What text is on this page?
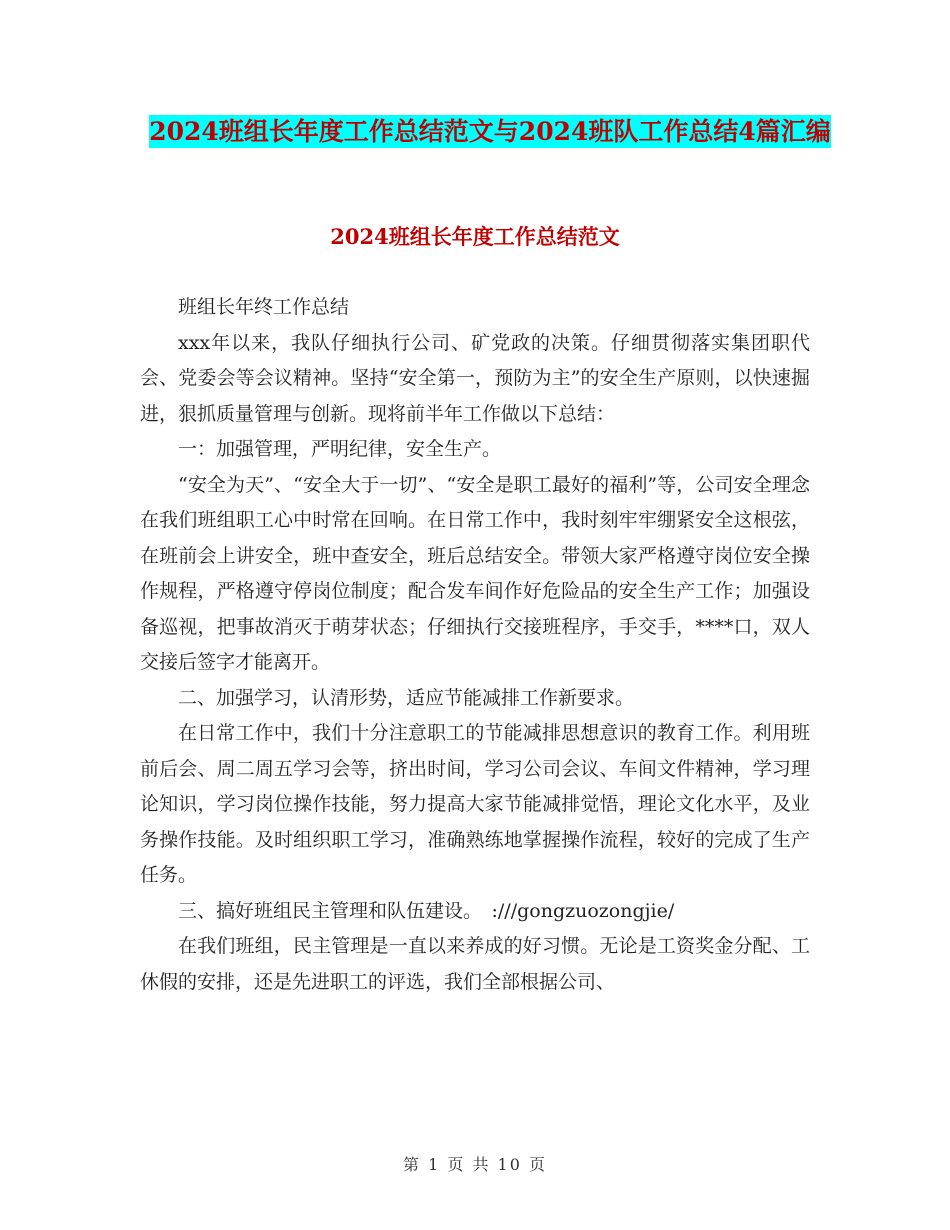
2024班组长年度工作总结范文与2024班队工作总结4篇汇编
2024班组长年度工作总结范文

班组长年终工作总结

xxx年以来，我队仔细执行公司、矿党政的决策。仔细贯彻落实集团职代会、党委会等会议精神。坚持“安全第一，预防为主”的安全生产原则，以快速掘进，狠抓质量管理与创新。现将前半年工作做以下总结：

一：加强管理，严明纪律，安全生产。

“安全为天”、“安全大于一切”、“安全是职工最好的福利”等，公司安全理念在我们班组职工心中时常在回响。在日常工作中，我时刻牢牢绷紧安全这根弦，在班前会上讲安全，班中查安全，班后总结安全。带领大家严格遵守岗位安全操作规程，严格遵守停岗位制度；配合发车间作好危险品的安全生产工作；加强设备巡视，把事故消灭于萌芽状态；仔细执行交接班程序，手交手，****口，双人交接后签字才能离开。

二、加强学习，认清形势，适应节能减排工作新要求。

在日常工作中，我们十分注意职工的节能减排思想意识的教育工作。利用班前后会、周二周五学习会等，挤出时间，学习公司会议、车间文件精神，学习理论知识，学习岗位操作技能，努力提高大家节能减排觉悟，理论文化水平，及业务操作技能。及时组织职工学习，准确熟练地掌握操作流程，较好的完成了生产任务。

三、搞好班组民主管理和队伍建设。　:///gongzuozongjie/

在我们班组，民主管理是一直以来养成的好习惯。无论是工资奖金分配、工休假的安排，还是先进职工的评选，我们全部根据公司、

第 1 页 共 10 页
